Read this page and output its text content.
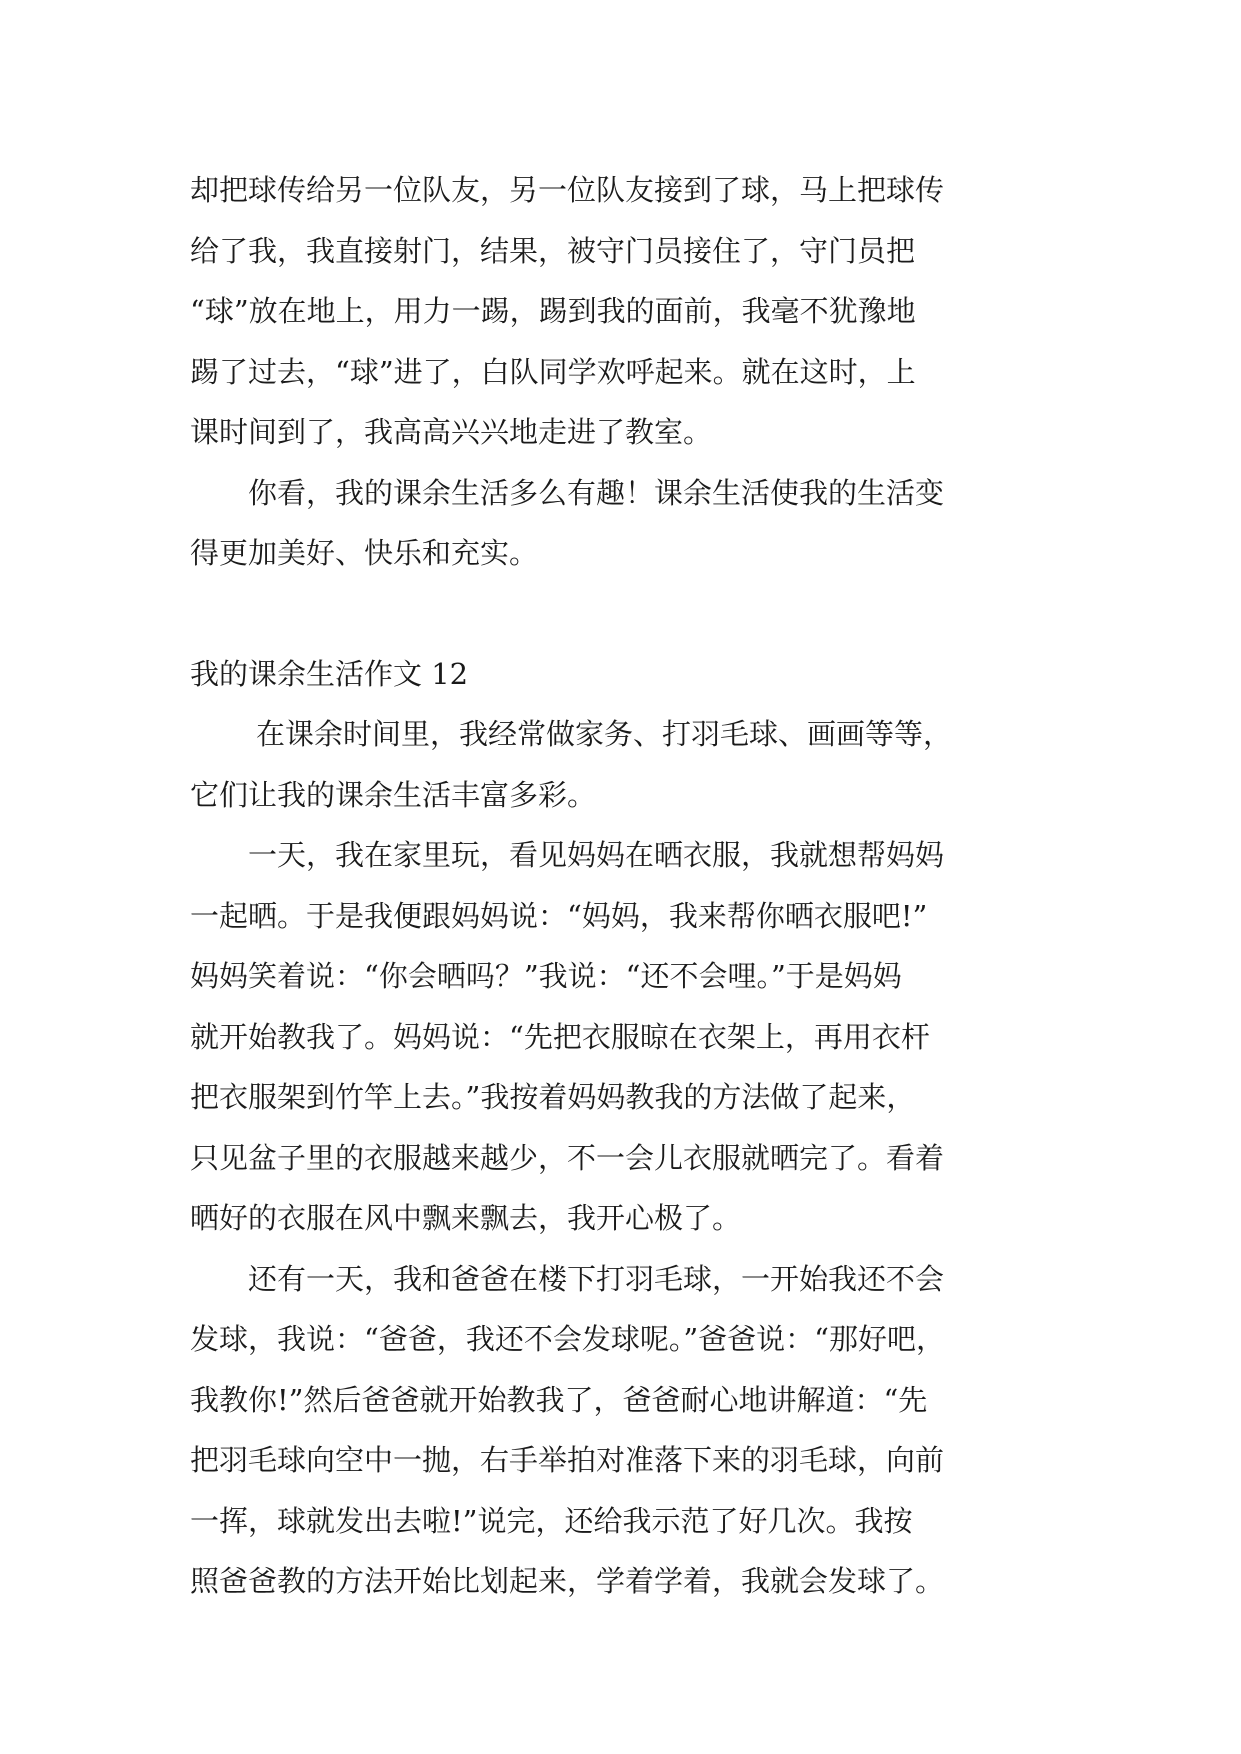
却把球传给另一位队友，另一位队友接到了球，马上把球传
给了我，我直接射门，结果，被守门员接住了，守门员把
“球”放在地上，用力一踢，踢到我的面前，我毫不犹豫地
踢了过去，“球”进了，白队同学欢呼起来。就在这时，上
课时间到了，我高高兴兴地走进了教室。
你看，我的课余生活多么有趣！课余生活使我的生活变
得更加美好、快乐和充实。
我的课余生活作文 12
在课余时间里，我经常做家务、打羽毛球、画画等等，
它们让我的课余生活丰富多彩。
一天，我在家里玩，看见妈妈在晒衣服，我就想帮妈妈
一起晒。于是我便跟妈妈说：“妈妈，我来帮你晒衣服吧!”
妈妈笑着说：“你会晒吗？”我说：“还不会哩。”于是妈妈
就开始教我了。妈妈说：“先把衣服晾在衣架上，再用衣杆
把衣服架到竹竿上去。”我按着妈妈教我的方法做了起来，
只见盆子里的衣服越来越少，不一会儿衣服就晒完了。看着
晒好的衣服在风中飘来飘去，我开心极了。
还有一天，我和爸爸在楼下打羽毛球，一开始我还不会
发球，我说：“爸爸，我还不会发球呢。”爸爸说：“那好吧，
我教你!”然后爸爸就开始教我了，爸爸耐心地讲解道：“先
把羽毛球向空中一抛，右手举拍对准落下来的羽毛球，向前
一挥，球就发出去啦!”说完，还给我示范了好几次。我按
照爸爸教的方法开始比划起来，学着学着，我就会发球了。
